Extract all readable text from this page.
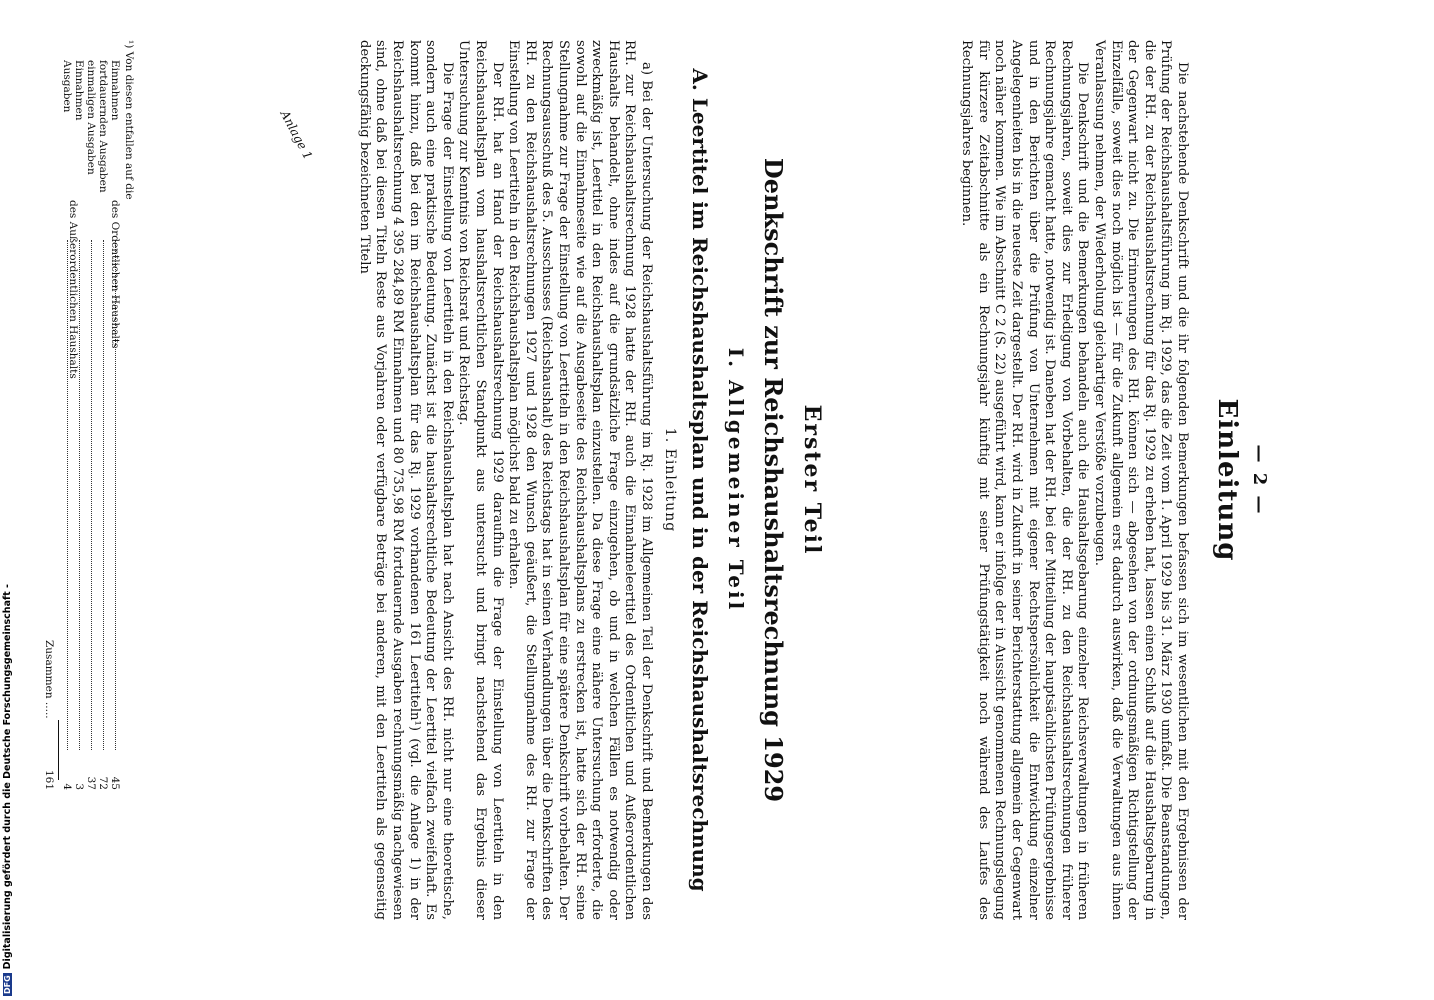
— 2 —
Einleitung

Die nachstehende Denkschrift und die ihr folgenden Bemerkungen befassen sich im wesentlichen mit den Ergebnissen der Prüfung der Reichshaushaltsführung im Rj. 1929, das die Zeit vom 1. April 1929 bis 31. März 1930 umfaßt. Die Beanstandungen, die der RH. zu der Reichshaushaltsrechnung für das Rj. 1929 zu erheben hat, lassen einen Schluß auf die Haushaltsgebarung in der Gegenwart nicht zu. Die Erinnerungen des RH. können sich — abgesehen von der ordnungsmäßigen Richtigstellung der Einzelfälle, soweit dies noch möglich ist — für die Zukunft allgemein erst dadurch auswirken, daß die Verwaltungen aus ihnen Veranlassung nehmen, der Wiederholung gleichartiger Verstöße vorzubeugen.

Die Denkschrift und die Bemerkungen behandeln auch die Haushaltsgebarung einzelner Reichsverwaltungen in früheren Rechnungsjahren, soweit dies zur Erledigung von Vorbehalten, die der RH. zu den Reichshaushaltsrechnungen früherer Rechnungsjahre gemacht hatte, notwendig ist. Daneben hat der RH. bei der Mitteilung der hauptsächlichsten Prüfungsergebnisse und in den Berichten über die Prüfung von Unternehmen mit eigener Rechtspersönlichkeit die Entwicklung einzelner Angelegenheiten bis in die neueste Zeit dargestellt. Der RH. wird in Zukunft in seiner Berichterstattung allgemein der Gegenwart noch näher kommen. Wie im Abschnitt C 2 (S. 22) ausgeführt wird, kann er infolge der in Aussicht genommenen Rechnungslegung für kürzere Zeitabschnitte als ein Rechnungsjahr künftig mit seiner Prüfungstätigkeit noch während des Laufes des Rechnungsjahres beginnen.

Erster Teil
Denkschrift zur Reichshaushaltsrechnung 1929
I. Allgemeiner Teil
A. Leertitel im Reichshaushaltsplan und in der Reichshaushaltsrechnung
1. Einleitung

a) Bei der Untersuchung der Reichshaushaltsführung im Rj. 1928 im Allgemeinen Teil der Denkschrift und Bemerkungen des RH. zur Reichshaushaltsrechnung 1928 hatte der RH. auch die Einnahmeleertitel des Ordentlichen und Außerordentlichen Haushalts behandelt, ohne indes auf die grundsätzliche Frage einzugehen, ob und in welchen Fällen es notwendig oder zweckmäßig ist, Leertitel in den Reichshaushaltsplan einzustellen. Da diese Frage eine nähere Untersuchung erforderte, die sowohl auf die Einnahmeseite wie auf die Ausgabeseite des Reichshaushaltsplans zu erstrecken ist, hatte sich der RH. seine Stellungnahme zur Frage der Einstellung von Leertiteln in den Reichshaushaltsplan für eine spätere Denkschrift vorbehalten. Der Rechnungsausschuß des 5. Ausschusses (Reichshaushalt) des Reichstags hat in seinen Verhandlungen über die Denkschriften des RH. zu den Reichshaushaltsrechnungen 1927 und 1928 den Wunsch geäußert, die Stellungnahme des RH. zur Frage der Einstellung von Leertiteln in den Reichshaushaltsplan möglichst bald zu erhalten.

Der RH. hat an Hand der Reichshaushaltsrechnung 1929 daraufhin die Frage der Einstellung von Leertiteln in den Reichshaushaltsplan vom haushaltsrechtlichen Standpunkt aus untersucht und bringt nachstehend das Ergebnis dieser Untersuchung zur Kenntnis von Reichsrat und Reichstag.

Die Frage der Einstellung von Leertiteln in den Reichshaushaltsplan hat nach Ansicht des RH. nicht nur eine theoretische, sondern auch eine praktische Bedeutung. Zunächst ist die haushaltsrechtliche Bedeutung der Leertitel vielfach zweifelhaft. Es kommt hinzu, daß bei den im Reichshaushaltsplan für das Rj. 1929 vorhandenen 161 Leertiteln¹) (vgl. die Anlage 1) in der Reichshaushaltsrechnung 4 395 284,89 RM Einnahmen und 80 735,98 RM fortdauernde Ausgaben rechnungsmäßig nachgewiesen sind, ohne daß bei diesen Titeln Reste aus Vorjahren oder verfügbare Beträge bei anderen, mit den Leertiteln als gegenseitig deckungsfähig bezeichneten Titeln

¹) Von diesen entfallen auf die
Einnahmen
45
fortdauernden Ausgaben
72
einmaligen Ausgaben
37
Einnahmen
3
Ausgaben
4
des Ordentlichen Haushalts
des Außerordentlichen Haushalts
Zusammen .....
161
Anlage 1
DFGDigitalisierung gefördert durch die Deutsche Forschungsgemeinschaft -
